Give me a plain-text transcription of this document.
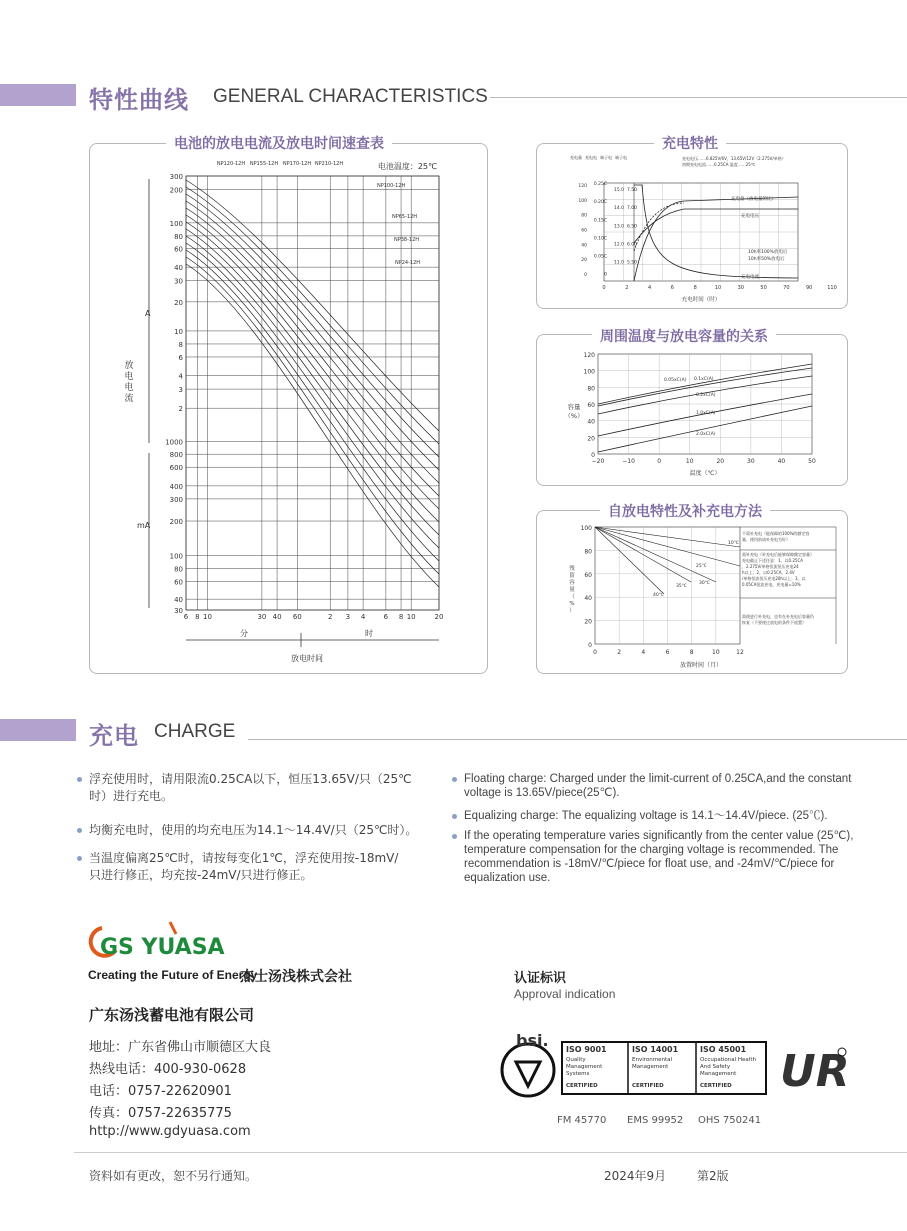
特性曲线 GENERAL CHARACTERISTICS
电池的放电电流及放电时间速查表
300
200
100
80
60
40
30
20
10
8
6
4
3
2
1000
800
600
400
300
200
100
80
60
40
30
6 8 10	30 40 60	2 3 4	6 8 10	20
A
mA
放
电
电
流
分	时
放电时间
电池温度：25℃
NP120-12H NP155-12H NP170-12H NP210-12H
NP100-12H
NP65-12H
NP38-12H
NP24-12H
充电特性
0	2	4	6	8	10	30	50	70	90	110
充电时间（时）
120
100
80
60
40
20
0
0.25C
0.20C
0.15C
0.10C
0.05C
0
15.0
14.0
13.0
12.0
11.0
7.50
7.00
6.50
6.00
5.50
充电电压……6.825V/6V，13.65V/12V（2.275V/单格）
初期充电电流……0.25CA 温度……25℃
充电量 充电电 端子电 端子电
充电量（放电量的比）
充电电压
充电电流
10h率100%放电后
10h率50%放电后
周围温度与放电容量的关系
120
100
80
60
40
20
0
−20	−10	0	10	20	30	40	50
容量
（%）
温度（℃）
0.05xC(A) 0.1xC(A)
0.2xC(A)
1.0xC(A)
2.0xC(A)
自放电特性及补充电方法
100
80
60
40
20
0
0	2	4	6	8	10	12
残
留
容
量
（
%
）
放置时间（月）
10℃
25℃
30℃
35℃
40℃
不需补充电（能保障的100%的额定容
量，使用前请补充电为好）
需补充电（补充电后能够保障额定容量）
充电截止下述任意：1、以0.25CA
，2.275V/单格恒流恒压充电24
h以上；2、以0.25CA，2.4V
/单格恒流恒压充电20h以上；3、以
0.05CA恒流充电，充电量=10%
需使进行补充电，也有在补充电后容量仍
恢复（不要使过放电的条件下放置）
充电 CHARGE
浮充使用时，请用限流0.25CA以下，恒压13.65V/只（25℃时）进行充电。
均衡充电时，使用的均充电压为14.1～14.4V/只（25℃时）。
当温度偏离25℃时，请按每变化1℃，浮充使用按-18mV/只进行修正，均充按-24mV/只进行修正。
Floating charge: Charged under the limit-current of 0.25CA,and the constant voltage is 13.65V/piece(25℃).
Equalizing charge: The equalizing voltage is 14.1～14.4V/piece. (25℃).
If the operating temperature varies significantly from the center value (25℃), temperature compensation for the charging voltage is recommended. The recommendation is -18mV/℃/piece for float use, and -24mV/℃/piece for equalization use.
GS YUASA
Creating the Future of Energy
杰士汤浅株式会社
广东汤浅蓄电池有限公司
地址：广东省佛山市顺德区大良
热线电话：400-930-0628
电话：0757-22620901
传真：0757-22635775
http://www.gdyuasa.com
认证标识
Approval indication
bsi. ISO 9001
Quality
Management
Systems
CERTIFIED
ISO 14001
Environmental
Management
CERTIFIED
ISO 45001
Occupational Health
And Safety
Management
CERTIFIED UR
FM 45770 EMS 99952 OHS 750241
资料如有更改，恕不另行通知。	2024年9月	第2版
